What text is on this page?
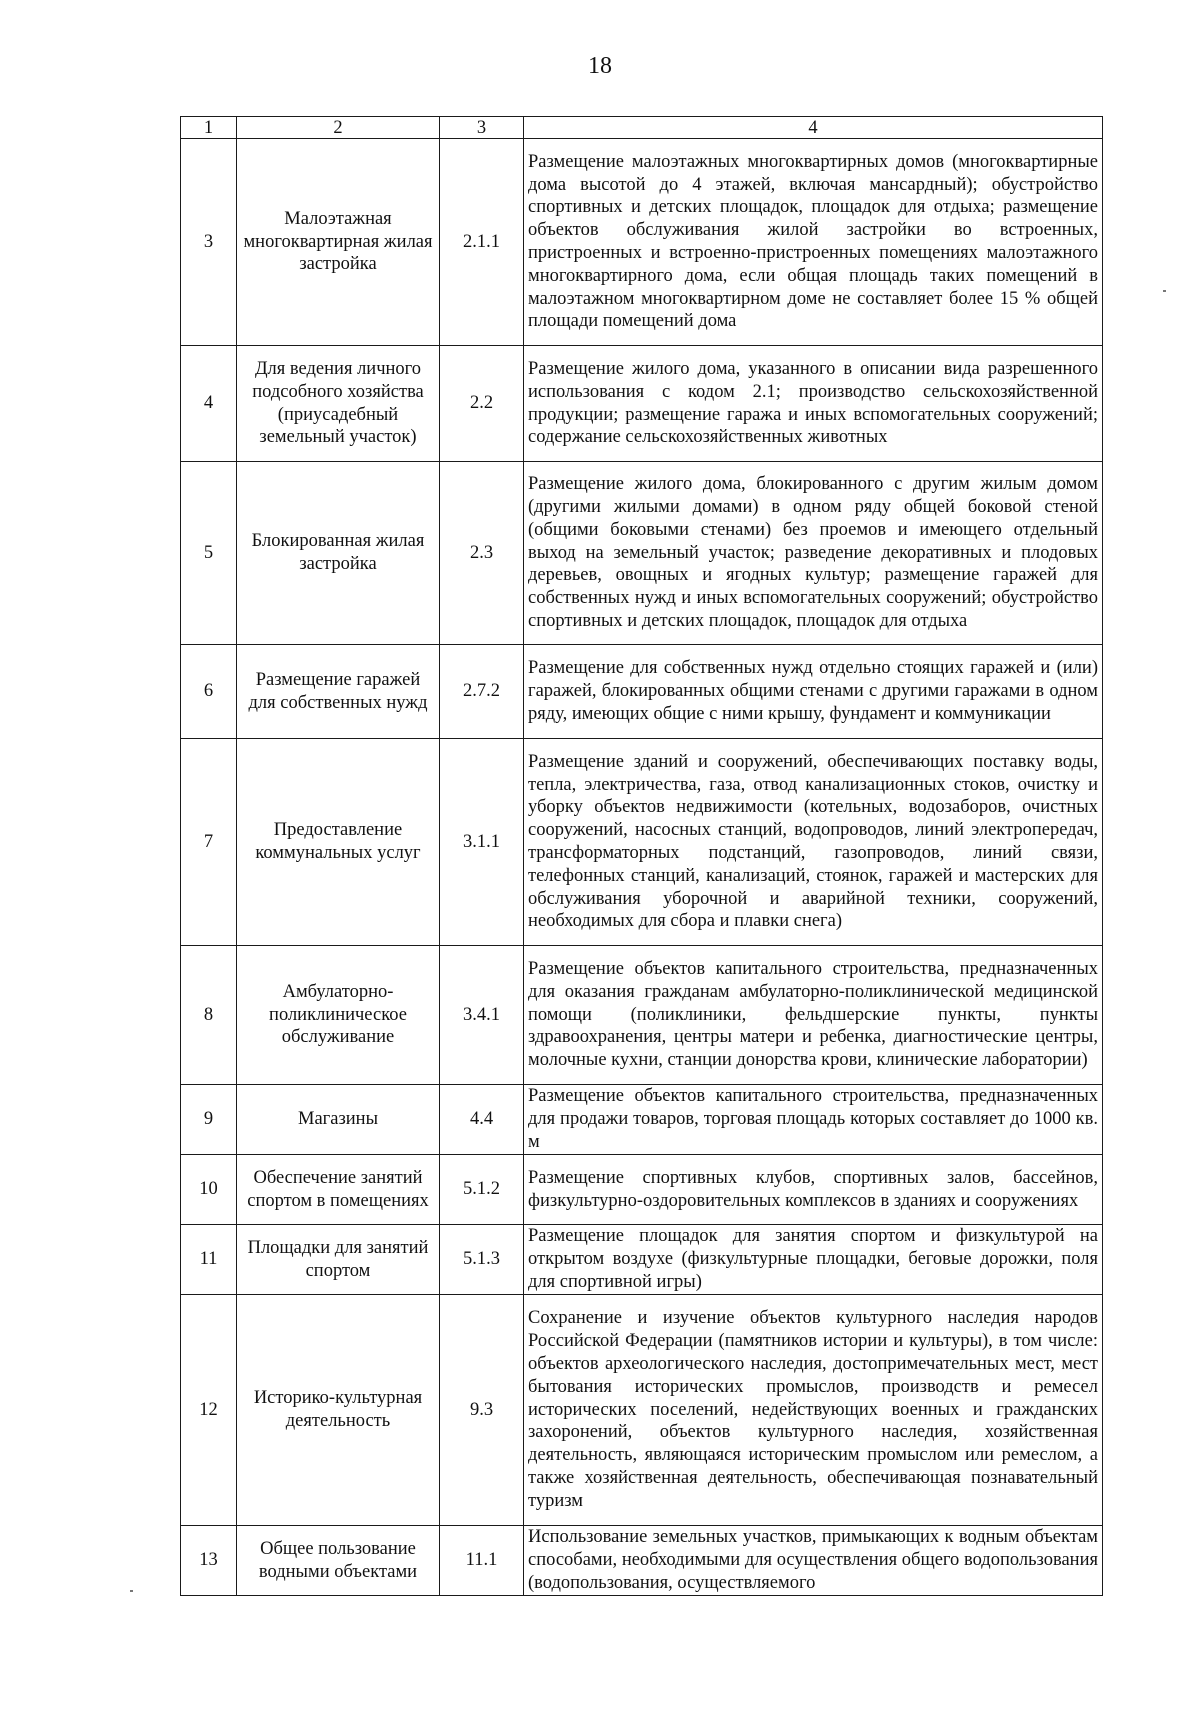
18
1	2	3	4
3	Малоэтажная многоквартирная жилая застройка	2.1.1	Размещение малоэтажных многоквартирных домов (многоквартирные дома высотой до 4 этажей, включая мансардный); обустройство спортивных и детских площадок, площадок для отдыха; размещение объектов обслуживания жилой застройки во встроенных, пристроенных и встроенно-пристроенных помещениях малоэтажного многоквартирного дома, если общая площадь таких помещений в малоэтажном многоквартирном доме не составляет более 15 % общей площади помещений дома
4	Для ведения личного подсобного хозяйства (приусадебный земельный участок)	2.2	Размещение жилого дома, указанного в описании вида разрешенного использования с кодом 2.1; производство сельскохозяйственной продукции; размещение гаража и иных вспомогательных сооружений; содержание сельскохозяйственных животных
5	Блокированная жилая застройка	2.3	Размещение жилого дома, блокированного с другим жилым домом (другими жилыми домами) в одном ряду общей боковой стеной (общими боковыми стенами) без проемов и имеющего отдельный выход на земельный участок; разведение декоративных и плодовых деревьев, овощных и ягодных культур; размещение гаражей для собственных нужд и иных вспомогательных сооружений; обустройство спортивных и детских площадок, площадок для отдыха
6	Размещение гаражей для собственных нужд	2.7.2	Размещение для собственных нужд отдельно стоящих гаражей и (или) гаражей, блокированных общими стенами с другими гаражами в одном ряду, имеющих общие с ними крышу, фундамент и коммуникации
7	Предоставление коммунальных услуг	3.1.1	Размещение зданий и сооружений, обеспечивающих поставку воды, тепла, электричества, газа, отвод канализационных стоков, очистку и уборку объектов недвижимости (котельных, водозаборов, очистных сооружений, насосных станций, водопроводов, линий электропередач, трансформаторных подстанций, газопроводов, линий связи, телефонных станций, канализаций, стоянок, гаражей и мастерских для обслуживания уборочной и аварийной техники, сооружений, необходимых для сбора и плавки снега)
8	Амбулаторно-поликлиническое обслуживание	3.4.1	Размещение объектов капитального строительства, предназначенных для оказания гражданам амбулаторно-поликлинической медицинской помощи (поликлиники, фельдшерские пункты, пункты здравоохранения, центры матери и ребенка, диагностические центры, молочные кухни, станции донорства крови, клинические лаборатории)
9	Магазины	4.4	Размещение объектов капитального строительства, предназначенных для продажи товаров, торговая площадь которых составляет до 1000 кв. м
10	Обеспечение занятий спортом в помещениях	5.1.2	Размещение спортивных клубов, спортивных залов, бассейнов, физкультурно-оздоровительных комплексов в зданиях и сооружениях
11	Площадки для занятий спортом	5.1.3	Размещение площадок для занятия спортом и физкультурой на открытом воздухе (физкультурные площадки, беговые дорожки, поля для спортивной игры)
12	Историко-культурная деятельность	9.3	Сохранение и изучение объектов культурного наследия народов Российской Федерации (памятников истории и культуры), в том числе: объектов археологического наследия, достопримечательных мест, мест бытования исторических промыслов, производств и ремесел исторических поселений, недействующих военных и гражданских захоронений, объектов культурного наследия, хозяйственная деятельность, являющаяся историческим промыслом или ремеслом, а также хозяйственная деятельность, обеспечивающая познавательный туризм
13	Общее пользование водными объектами	11.1	Использование земельных участков, примыкающих к водным объектам способами, необходимыми для осуществления общего водопользования (водопользования, осуществляемого
